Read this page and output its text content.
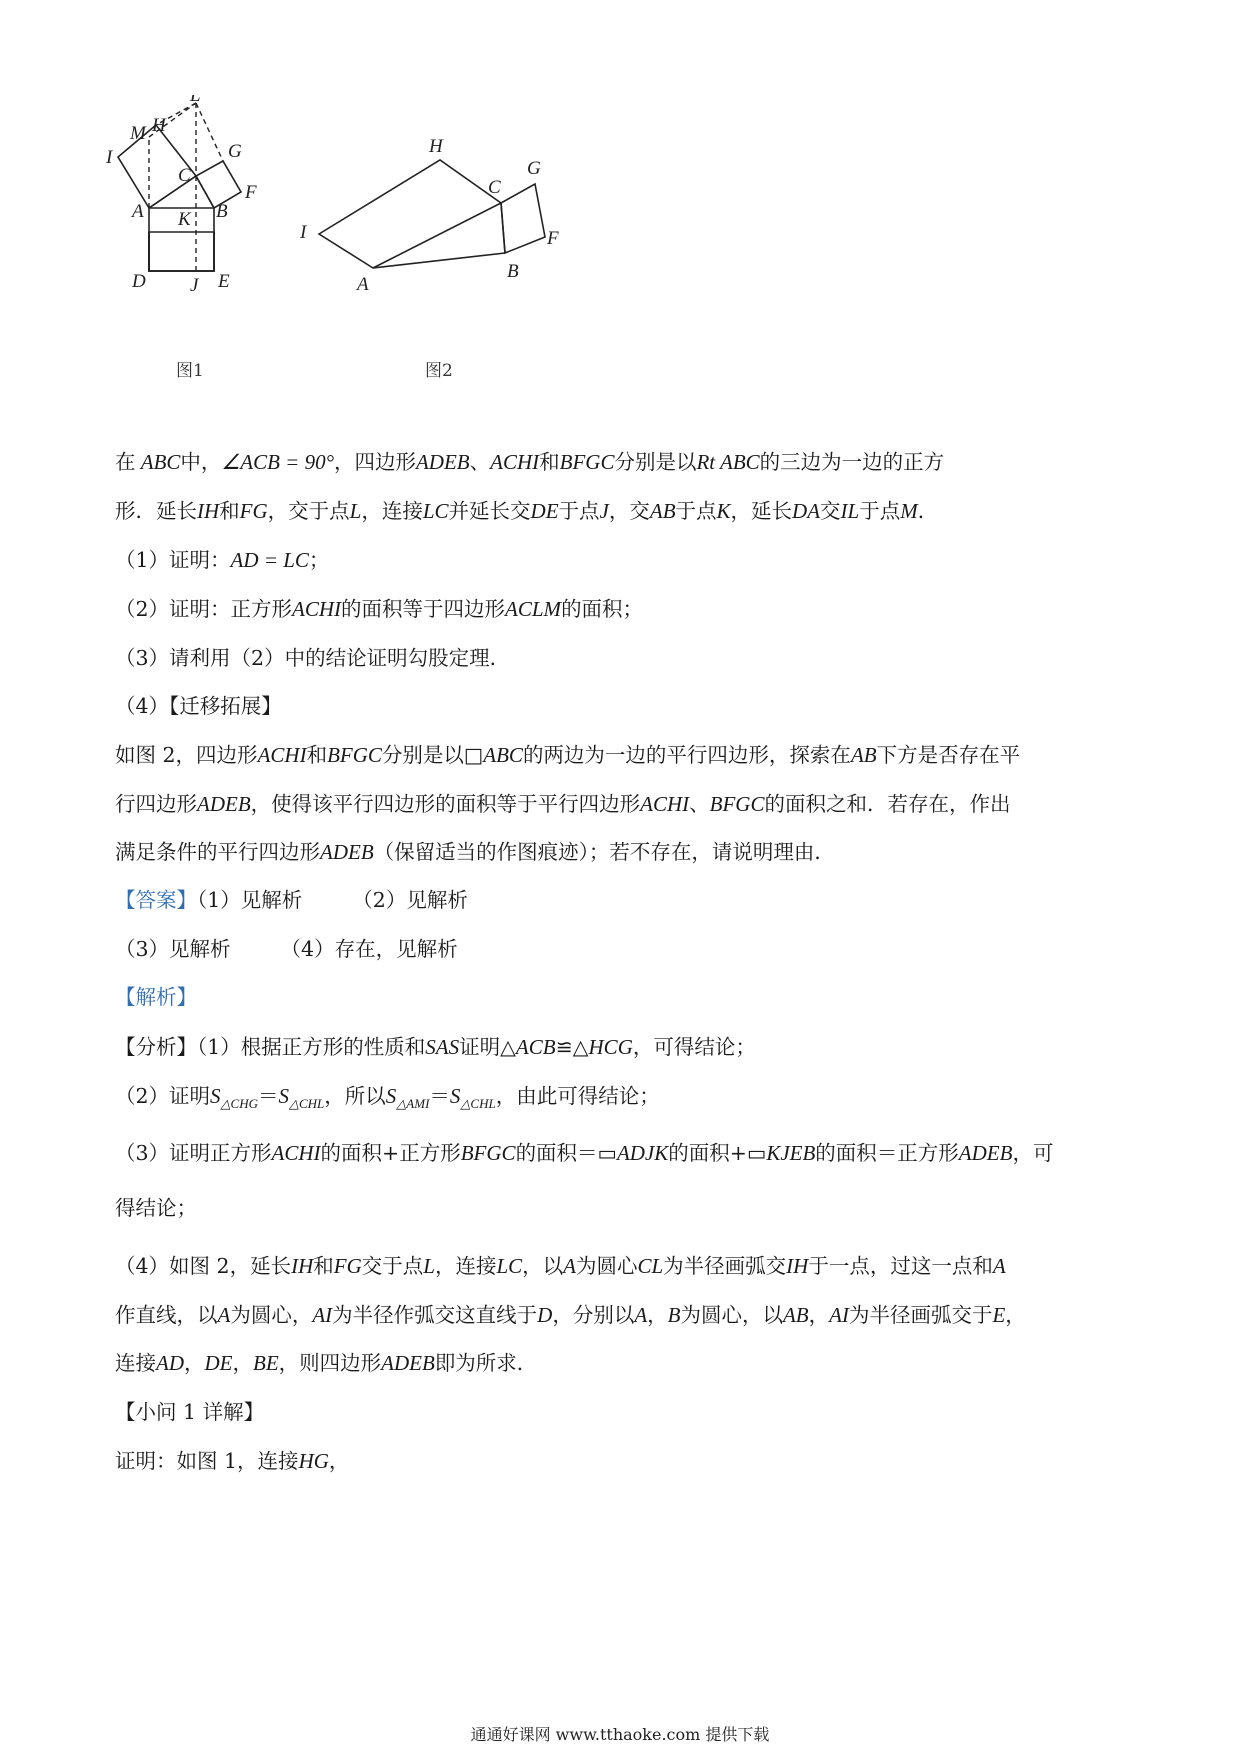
L
M H
I	G
C
F
A K B
D J E
图1
H
G
C
I	F
A
B
图2
在 ABC中，∠ACB = 90°，四边形ADEB、ACHI和BFGC分别是以Rt ABC的三边为一边的正方
形．延长IH和FG，交于点L，连接LC并延长交DE于点J，交AB于点K，延长DA交IL于点M．
（1）证明：AD = LC；
（2）证明：正方形ACHI的面积等于四边形ACLM的面积；
（3）请利用（2）中的结论证明勾股定理．
（4）【迁移拓展】
如图 2，四边形ACHI和BFGC分别是以□ABC的两边为一边的平行四边形，探索在AB下方是否存在平
行四边形ADEB，使得该平行四边形的面积等于平行四边形ACHI、BFGC的面积之和．若存在，作出
满足条件的平行四边形ADEB（保留适当的作图痕迹）；若不存在，请说明理由．
【答案】（1）见解析 （2）见解析
（3）见解析 （4）存在，见解析
【解析】
【分析】（1）根据正方形的性质和SAS证明△ACB≌△HCG，可得结论；
（2）证明$S_{\triangle CHG}=S_{\triangle CHL}$，所以$S_{\triangle AMI}=S_{\triangle CHL}$，由此可得结论；
（3）证明正方形ACHI的面积+正方形BFGC的面积＝▭ADJK的面积+▭KJEB的面积＝正方形ADEB，可
得结论；
（4）如图 2，延长IH和FG交于点L，连接LC，以A为圆心CL为半径画弧交IH于一点，过这一点和A
作直线，以A为圆心，AI为半径作弧交这直线于D，分别以A，B为圆心，以AB，AI为半径画弧交于E，
连接AD，DE，BE，则四边形ADEB即为所求．
【小问 1 详解】
证明：如图 1，连接HG，
通通好课网 www.tthaoke.com 提供下载
